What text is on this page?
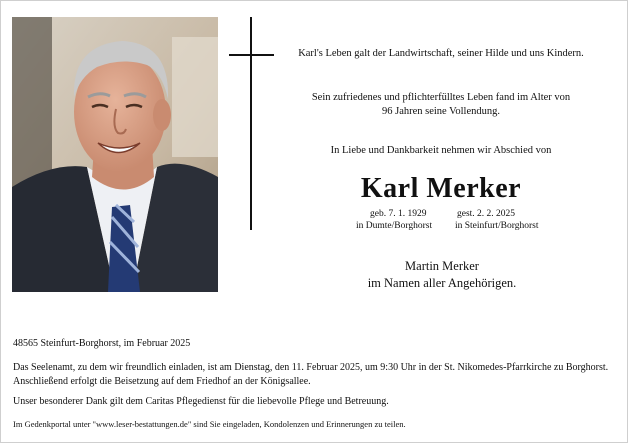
Karl's Leben galt der Landwirtschaft, seiner Hilde und uns Kindern.
Sein zufriedenes und pflichterfülltes Leben fand im Alter von
96 Jahren seine Vollendung.
In Liebe und Dankbarkeit nehmen wir Abschied von
Karl Merker
geb. 7. 1. 1929
in Dumte/Borghorst
gest. 2. 2. 2025
in Steinfurt/Borghorst
Martin Merker
im Namen aller Angehörigen.
48565 Steinfurt-Borghorst, im Februar 2025
Das Seelenamt, zu dem wir freundlich einladen, ist am Dienstag, den 11. Februar 2025, um 9:30 Uhr in der St. Nikomedes-Pfarrkirche zu Borghorst. Anschließend erfolgt die Beisetzung auf dem Friedhof an der Königsallee.
Unser besonderer Dank gilt dem Caritas Pflegedienst für die liebevolle Pflege und Betreuung.
Im Gedenkportal unter "www.leser-bestattungen.de" sind Sie eingeladen, Kondolenzen und Erinnerungen zu teilen.
